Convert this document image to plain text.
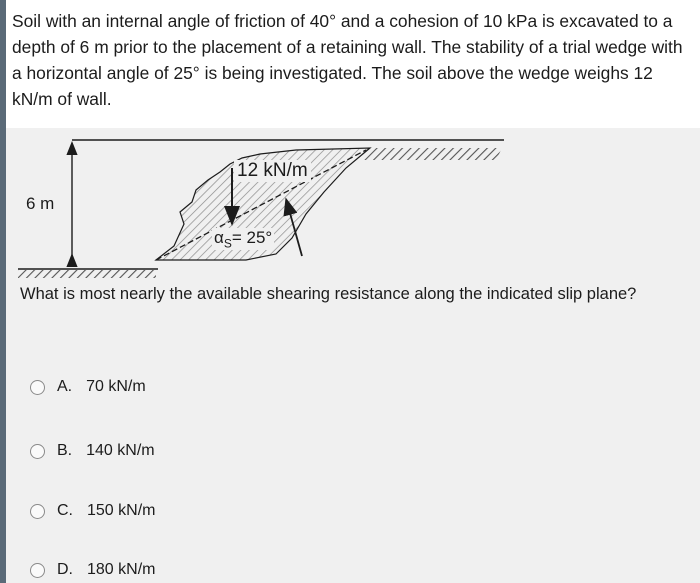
Soil with an internal angle of friction of 40° and a cohesion of 10 kPa is excavated to a depth of 6 m prior to the placement of a retaining wall. The stability of a trial wedge with a horizontal angle of 25° is being investigated. The soil above the wedge weighs 12 kN/m of wall.

6 m
12 kN/m
$\alpha_S= 25^\circ$

What is most nearly the available shearing resistance along the indicated slip plane?

A. 70 kN/m
B. 140 kN/m
C. 150 kN/m
D. 180 kN/m
